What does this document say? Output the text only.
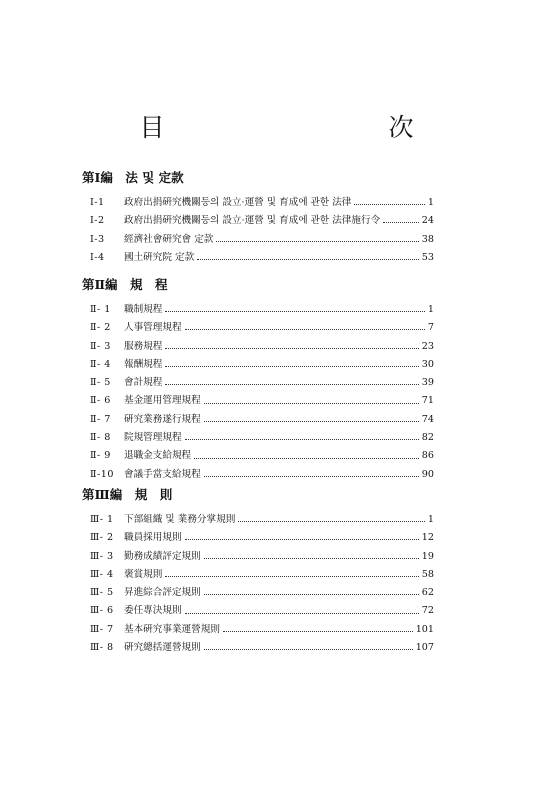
目　　次
第Ⅰ編　法 및 定款
Ⅰ-1	政府出捐硏究機關등의 設立·運營 및 育成에 관한 法律	1
Ⅰ-2	政府出捐硏究機關등의 設立·運營 및 育成에 관한 法律施行令	24
Ⅰ-3	經濟社會硏究會 定款	38
Ⅰ-4	國土硏究院 定款	53
第Ⅱ編　規　程
Ⅱ- 1	職制規程	1
Ⅱ- 2	人事管理規程	7
Ⅱ- 3	服務規程	23
Ⅱ- 4	報酬規程	30
Ⅱ- 5	會計規程	39
Ⅱ- 6	基金運用管理規程	71
Ⅱ- 7	硏究業務遂行規程	74
Ⅱ- 8	院規管理規程	82
Ⅱ- 9	退職金支給規程	86
Ⅱ-10	會議手當支給規程	90
第Ⅲ編　規　則
Ⅲ- 1	下部組織 및 業務分掌規則	1
Ⅲ- 2	職員採用規則	12
Ⅲ- 3	勤務成績評定規則	19
Ⅲ- 4	褒賞規則	58
Ⅲ- 5	昇進綜合評定規則	62
Ⅲ- 6	委任專決規則	72
Ⅲ- 7	基本硏究事業運營規則	101
Ⅲ- 8	硏究總括運營規則	107
